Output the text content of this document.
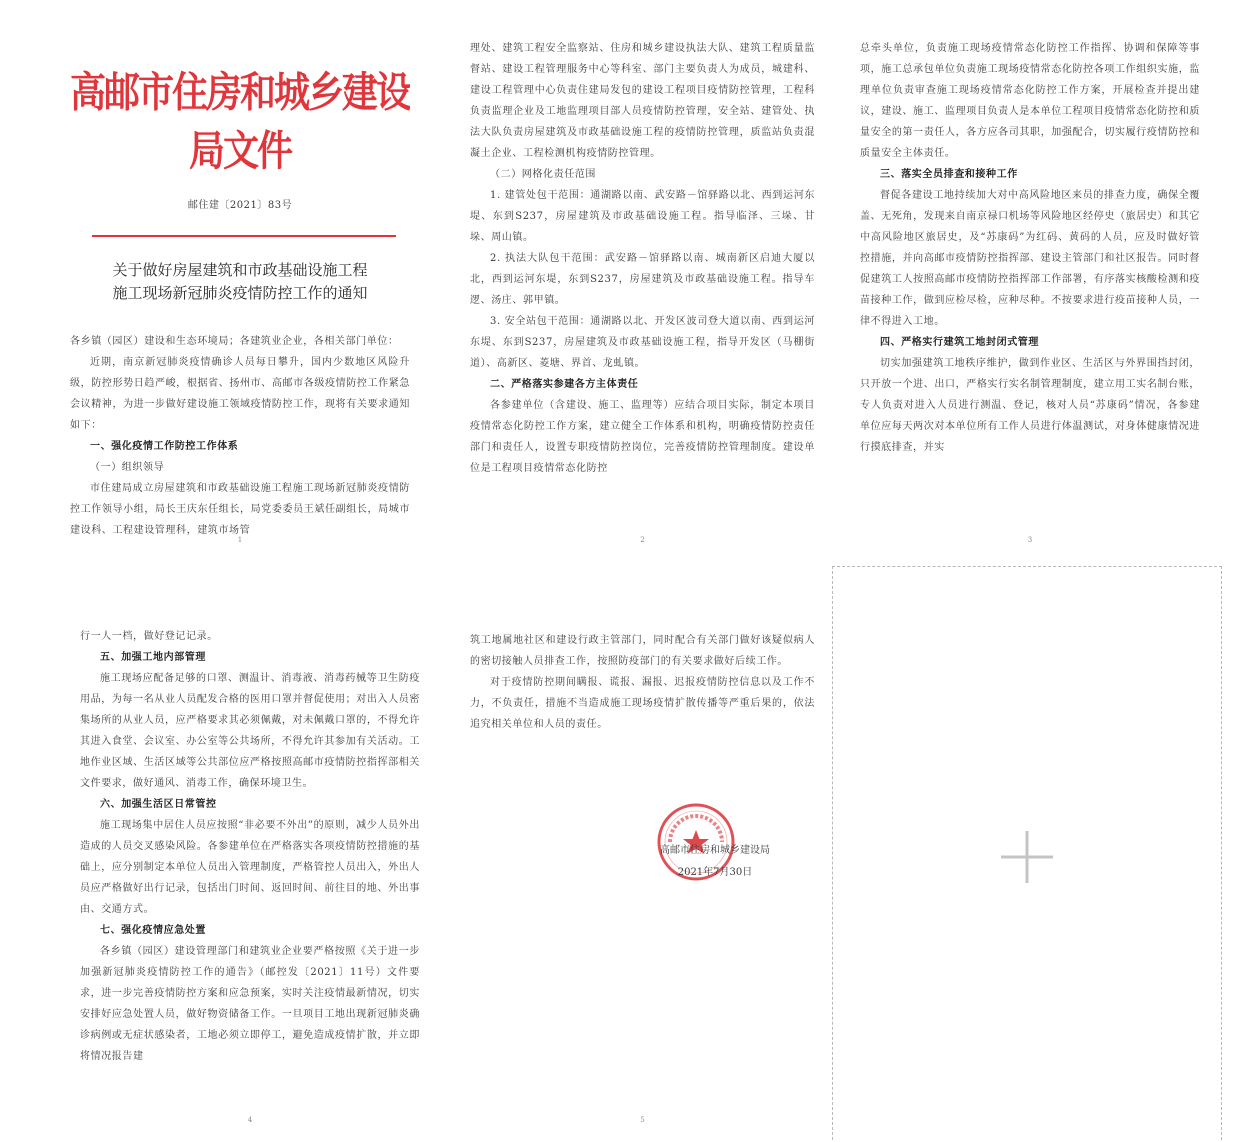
高邮市住房和城乡建设局文件
邮住建〔2021〕83号
关于做好房屋建筑和市政基础设施工程
施工现场新冠肺炎疫情防控工作的通知

各乡镇（园区）建设和生态环境局；各建筑业企业，各相关部门单位：

近期，南京新冠肺炎疫情确诊人员每日攀升，国内少数地区风险升级，防控形势日趋严峻，根据省、扬州市、高邮市各级疫情防控工作紧急会议精神，为进一步做好建设施工领域疫情防控工作，现将有关要求通知如下：

一、强化疫情工作防控工作体系

（一）组织领导

市住建局成立房屋建筑和市政基础设施工程施工现场新冠肺炎疫情防控工作领导小组，局长王庆东任组长，局党委委员王斌任副组长，局城市建设科、工程建设管理科，建筑市场管

1

理处、建筑工程安全监察站、住房和城乡建设执法大队、建筑工程质量监督站、建设工程管理服务中心等科室、部门主要负责人为成员，城建科、建设工程管理中心负责住建局发包的建设工程项目疫情防控管理，工程科负责监理企业及工地监理项目部人员疫情防控管理，安全站、建管处、执法大队负责房屋建筑及市政基础设施工程的疫情防控管理，质监站负责混凝土企业、工程检测机构疫情防控管理。

（二）网格化责任范围

1. 建管处包干范围：通湖路以南、武安路－馆驿路以北、西到运河东堤、东到S237，房屋建筑及市政基础设施工程。指导临泽、三垛、甘垛、周山镇。

2. 执法大队包干范围：武安路－馆驿路以南、城南新区启迪大厦以北，西到运河东堤，东到S237，房屋建筑及市政基础设施工程。指导车逻、汤庄、郭甲镇。

3. 安全站包干范围：通湖路以北、开发区波司登大道以南、西到运河东堤、东到S237，房屋建筑及市政基础设施工程，指导开发区（马棚街道）、高新区、菱塘、界首、龙虬镇。

二、严格落实参建各方主体责任

各参建单位（含建设、施工、监理等）应结合项目实际，制定本项目疫情常态化防控工作方案，建立健全工作体系和机构，明确疫情防控责任部门和责任人，设置专职疫情防控岗位，完善疫情防控管理制度。建设单位是工程项目疫情常态化防控

2

总牵头单位，负责施工现场疫情常态化防控工作指挥、协调和保障等事项，施工总承包单位负责施工现场疫情常态化防控各项工作组织实施，监理单位负责审查施工现场疫情常态化防控工作方案，开展检查并提出建议，建设、施工、监理项目负责人是本单位工程项目疫情常态化防控和质量安全的第一责任人，各方应各司其职，加强配合，切实履行疫情防控和质量安全主体责任。

三、落实全员排查和接种工作

督促各建设工地持续加大对中高风险地区来员的排查力度，确保全覆盖、无死角，发现来自南京禄口机场等风险地区经停史（旅居史）和其它中高风险地区旅居史，及“苏康码”为红码、黄码的人员，应及时做好管控措施，并向高邮市疫情防控指挥部、建设主管部门和社区报告。同时督促建筑工人按照高邮市疫情防控指挥部工作部署，有序落实核酸检测和疫苗接种工作，做到应检尽检，应种尽种。不按要求进行疫苗接种人员，一律不得进入工地。

四、严格实行建筑工地封闭式管理

切实加强建筑工地秩序维护，做到作业区、生活区与外界围挡封闭，只开放一个进、出口，严格实行实名制管理制度，建立用工实名制台账，专人负责对进入人员进行测温、登记，核对人员“苏康码”情况，各参建单位应每天两次对本单位所有工作人员进行体温测试，对身体健康情况进行摸底排查，并实

3

行一人一档，做好登记记录。

五、加强工地内部管理

施工现场应配备足够的口罩、测温计、消毒液、消毒药械等卫生防疫用品，为每一名从业人员配发合格的医用口罩并督促使用；对出入人员密集场所的从业人员，应严格要求其必须佩戴，对未佩戴口罩的，不得允许其进入食堂、会议室、办公室等公共场所，不得允许其参加有关活动。工地作业区域、生活区域等公共部位应严格按照高邮市疫情防控指挥部相关文件要求，做好通风、消毒工作，确保环境卫生。

六、加强生活区日常管控

施工现场集中居住人员应按照“非必要不外出”的原则，减少人员外出造成的人员交叉感染风险。各参建单位在严格落实各项疫情防控措施的基础上，应分别制定本单位人员出入管理制度，严格管控人员出入，外出人员应严格做好出行记录，包括出门时间、返回时间、前往目的地、外出事由、交通方式。

七、强化疫情应急处置

各乡镇（园区）建设管理部门和建筑业企业要严格按照《关于进一步加强新冠肺炎疫情防控工作的通告》（邮控发〔2021〕11号）文件要求，进一步完善疫情防控方案和应急预案，实时关注疫情最新情况，切实安排好应急处置人员，做好物资储备工作。一旦项目工地出现新冠肺炎确诊病例或无症状感染者，工地必须立即停工，避免造成疫情扩散，并立即将情况报告建

4

筑工地属地社区和建设行政主管部门，同时配合有关部门做好该疑似病人的密切接触人员排查工作，按照防疫部门的有关要求做好后续工作。

对于疫情防控期间瞒报、谎报、漏报、迟报疫情防控信息以及工作不力，不负责任，措施不当造成施工现场疫情扩散传播等严重后果的，依法追究相关单位和人员的责任。

高邮市住房和城乡建设局
2021年7月30日
5
